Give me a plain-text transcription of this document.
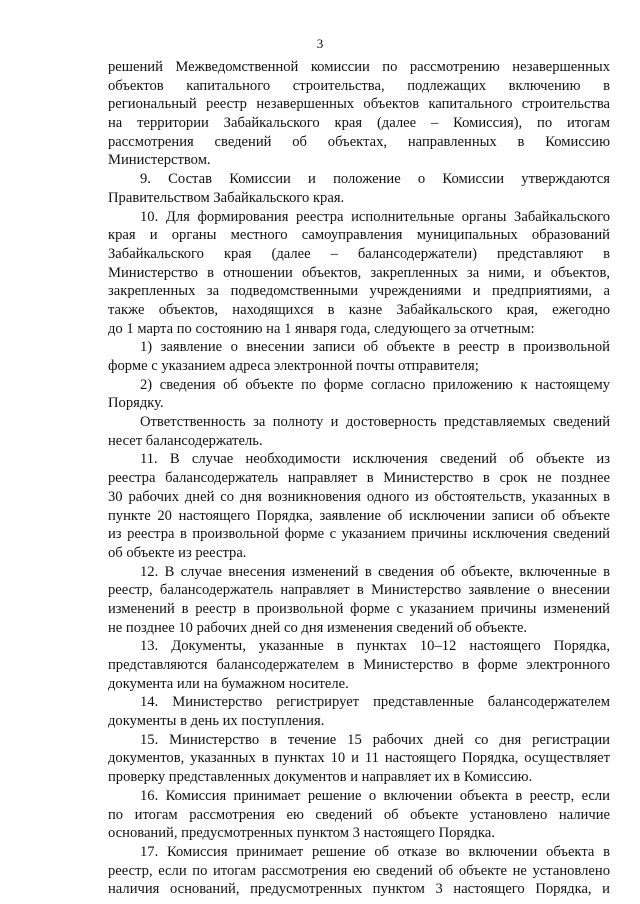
3
решений Межведомственной комиссии по рассмотрению незавершенных
объектов капитального строительства, подлежащих включению в
региональный реестр незавершенных объектов капитального строительства
на территории Забайкальского края (далее – Комиссия), по итогам
рассмотрения сведений об объектах, направленных в Комиссию
Министерством.
9. Состав Комиссии и положение о Комиссии утверждаются
Правительством Забайкальского края.
10. Для формирования реестра исполнительные органы Забайкальского
края и органы местного самоуправления муниципальных образований
Забайкальского края (далее – балансодержатели) представляют в
Министерство в отношении объектов, закрепленных за ними, и объектов,
закрепленных за подведомственными учреждениями и предприятиями, а
также объектов, находящихся в казне Забайкальского края, ежегодно
до 1 марта по состоянию на 1 января года, следующего за отчетным:
1) заявление о внесении записи об объекте в реестр в произвольной
форме с указанием адреса электронной почты отправителя;
2) сведения об объекте по форме согласно приложению к настоящему
Порядку.
Ответственность за полноту и достоверность представляемых сведений
несет балансодержатель.
11. В случае необходимости исключения сведений об объекте из
реестра балансодержатель направляет в Министерство в срок не позднее
30 рабочих дней со дня возникновения одного из обстоятельств, указанных в
пункте 20 настоящего Порядка, заявление об исключении записи об объекте
из реестра в произвольной форме с указанием причины исключения сведений
об объекте из реестра.
12. В случае внесения изменений в сведения об объекте, включенные в
реестр, балансодержатель направляет в Министерство заявление о внесении
изменений в реестр в произвольной форме с указанием причины изменений
не позднее 10 рабочих дней со дня изменения сведений об объекте.
13. Документы, указанные в пунктах 10–12 настоящего Порядка,
представляются балансодержателем в Министерство в форме электронного
документа или на бумажном носителе.
14. Министерство регистрирует представленные балансодержателем
документы в день их поступления.
15. Министерство в течение 15 рабочих дней со дня регистрации
документов, указанных в пунктах 10 и 11 настоящего Порядка, осуществляет
проверку представленных документов и направляет их в Комиссию.
16. Комиссия принимает решение о включении объекта в реестр, если
по итогам рассмотрения ею сведений об объекте установлено наличие
оснований, предусмотренных пунктом 3 настоящего Порядка.
17. Комиссия принимает решение об отказе во включении объекта в
реестр, если по итогам рассмотрения ею сведений об объекте не установлено
наличия оснований, предусмотренных пунктом 3 настоящего Порядка, и
